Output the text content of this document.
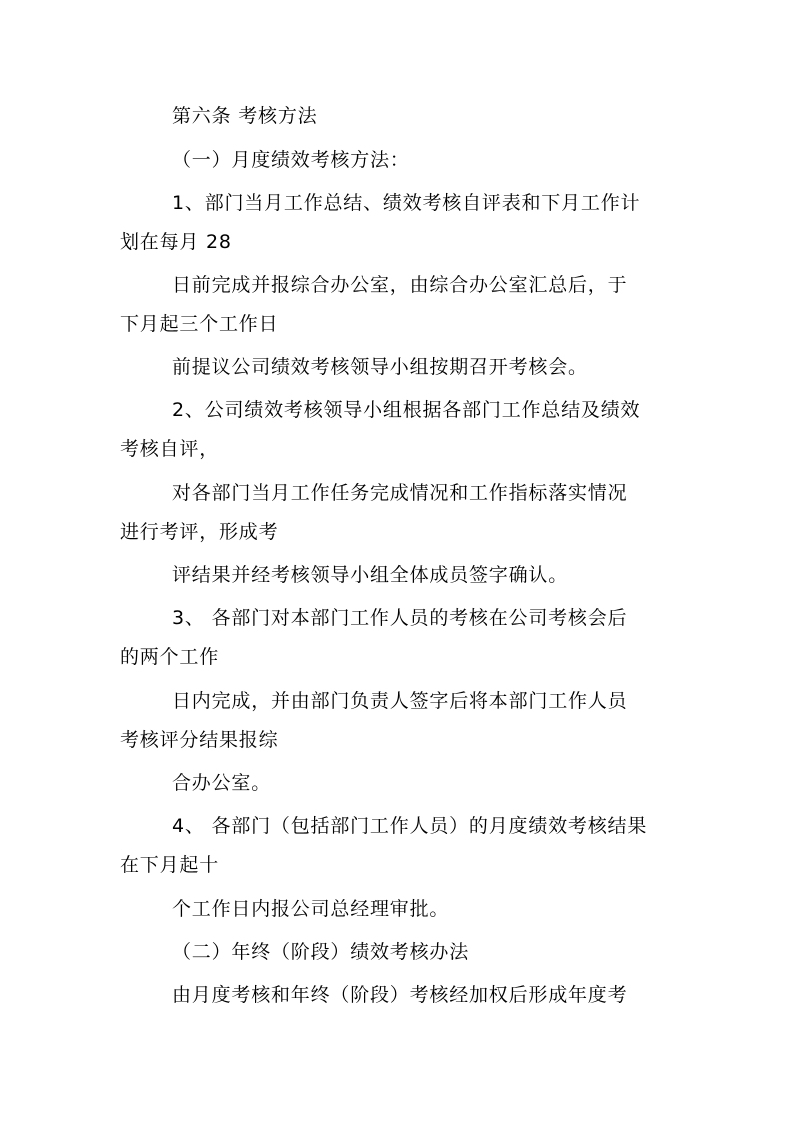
第六条 考核方法
（一）月度绩效考核方法：
1、部门当月工作总结、绩效考核自评表和下月工作计
划在每月 28
日前完成并报综合办公室，由综合办公室汇总后，于
下月起三个工作日
前提议公司绩效考核领导小组按期召开考核会。
2、公司绩效考核领导小组根据各部门工作总结及绩效
考核自评，
对各部门当月工作任务完成情况和工作指标落实情况
进行考评，形成考
评结果并经考核领导小组全体成员签字确认。
3、 各部门对本部门工作人员的考核在公司考核会后
的两个工作
日内完成，并由部门负责人签字后将本部门工作人员
考核评分结果报综
合办公室。
4、 各部门（包括部门工作人员）的月度绩效考核结果
在下月起十
个工作日内报公司总经理审批。
（二）年终（阶段）绩效考核办法
由月度考核和年终（阶段）考核经加权后形成年度考
